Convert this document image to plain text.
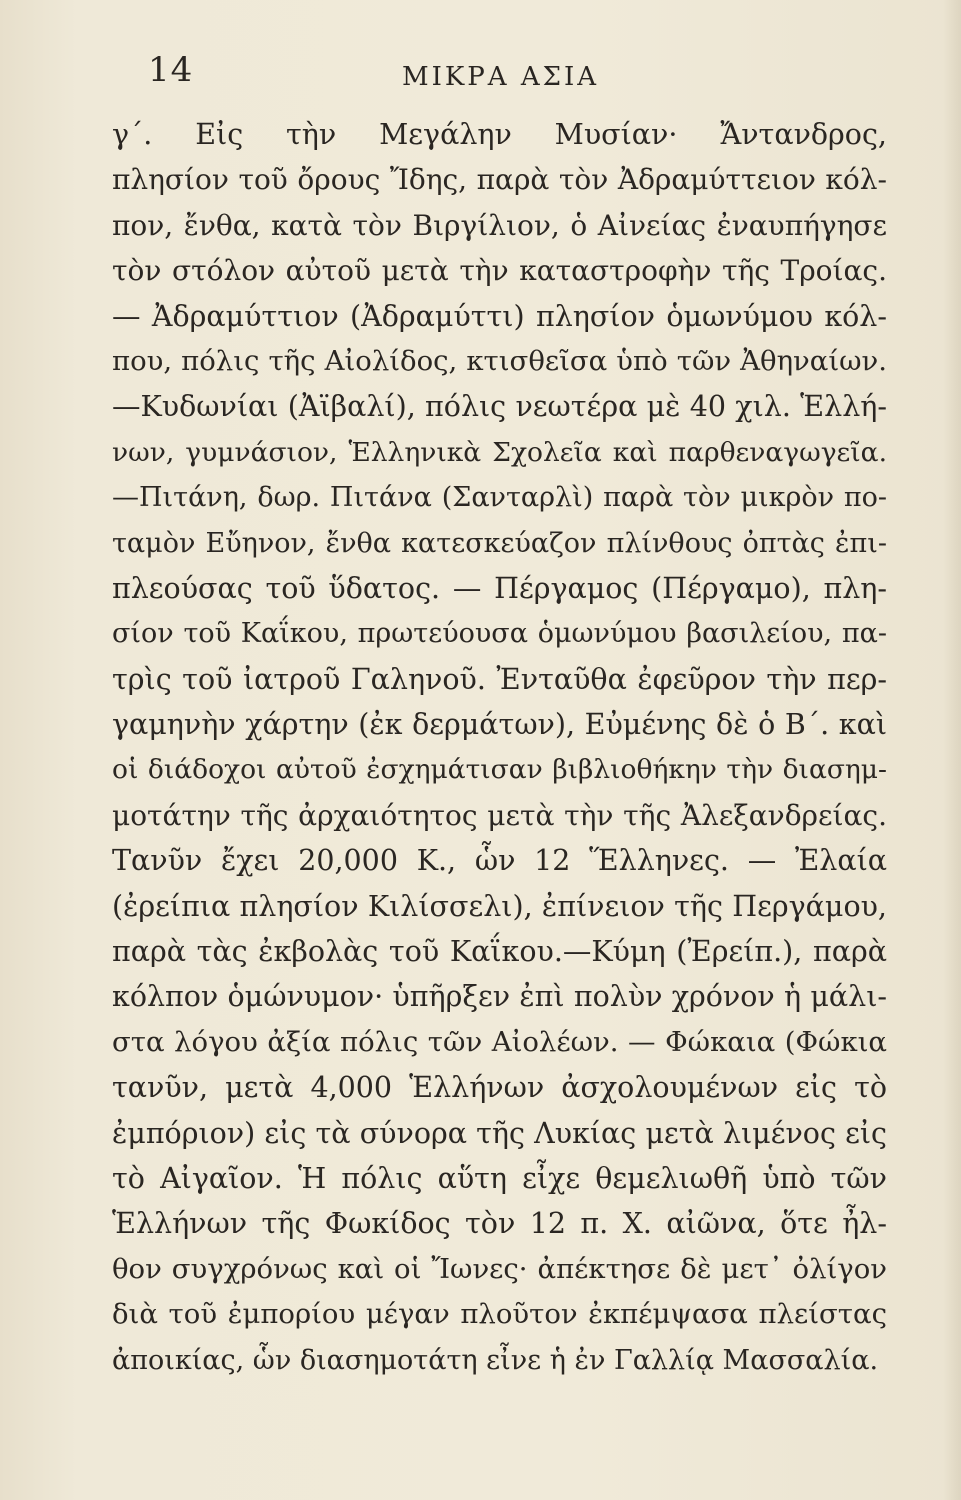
14	ΜΙΚΡΑ ΑΣΙΑ
γ΄. Εἰς τὴν Μεγάλην Μυσίαν· Ἄντανδρος,
πλησίον τοῦ ὄρους Ἴδης, παρὰ τὸν Ἀδραμύττειον κόλ-
πον, ἔνθα, κατὰ τὸν Βιργίλιον, ὁ Αἰνείας ἐναυπήγησε
τὸν στόλον αὐτοῦ μετὰ τὴν καταστροφὴν τῆς Τροίας.
— Ἀδραμύττιον (Ἀδραμύττι) πλησίον ὁμωνύμου κόλ-
που, πόλις τῆς Αἰολίδος, κτισθεῖσα ὑπὸ τῶν Ἀθηναίων.
—Κυδωνίαι (Ἀϊβαλί), πόλις νεωτέρα μὲ 40 χιλ. Ἑλλή-
νων, γυμνάσιον, Ἑλληνικὰ Σχολεῖα καὶ παρθεναγωγεῖα.
—Πιτάνη, δωρ. Πιτάνα (Σανταρλὶ) παρὰ τὸν μικρὸν πο-
ταμὸν Εὔηνον, ἔνθα κατεσκεύαζον πλίνθους ὀπτὰς ἐπι-
πλεούσας τοῦ ὕδατος. — Πέργαμος (Πέργαμο), πλη-
σίον τοῦ Καΐκου, πρωτεύουσα ὁμωνύμου βασιλείου, πα-
τρὶς τοῦ ἰατροῦ Γαληνοῦ. Ἐνταῦθα ἐφεῦρον τὴν περ-
γαμηνὴν χάρτην (ἐκ δερμάτων), Εὐμένης δὲ ὁ Β΄. καὶ
οἱ διάδοχοι αὐτοῦ ἐσχημάτισαν βιβλιοθήκην τὴν διασημ-
μοτάτην τῆς ἀρχαιότητος μετὰ τὴν τῆς Ἀλεξανδρείας.
Τανῦν ἔχει 20,000 Κ., ὧν 12 Ἕλληνες. — Ἐλαία
(ἐρείπια πλησίον Κιλίσσελι), ἐπίνειον τῆς Περγάμου,
παρὰ τὰς ἐκβολὰς τοῦ Καΐκου.—Κύμη (Ἐρείπ.), παρὰ
κόλπον ὁμώνυμον· ὑπῆρξεν ἐπὶ πολὺν χρόνον ἡ μάλι-
στα λόγου ἀξία πόλις τῶν Αἰολέων. — Φώκαια (Φώκια
τανῦν, μετὰ 4,000 Ἑλλήνων ἀσχολουμένων εἰς τὸ
ἐμπόριον) εἰς τὰ σύνορα τῆς Λυκίας μετὰ λιμένος εἰς
τὸ Αἰγαῖον. Ἡ πόλις αὕτη εἶχε θεμελιωθῆ ὑπὸ τῶν
Ἑλλήνων τῆς Φωκίδος τὸν 12 π. Χ. αἰῶνα, ὅτε ἦλ-
θον συγχρόνως καὶ οἱ Ἴωνες· ἀπέκτησε δὲ μετ᾿ ὀλίγον
διὰ τοῦ ἐμπορίου μέγαν πλοῦτον ἐκπέμψασα πλείστας
ἀποικίας, ὧν διασημοτάτη εἶνε ἡ ἐν Γαλλίᾳ Μασσαλία.
